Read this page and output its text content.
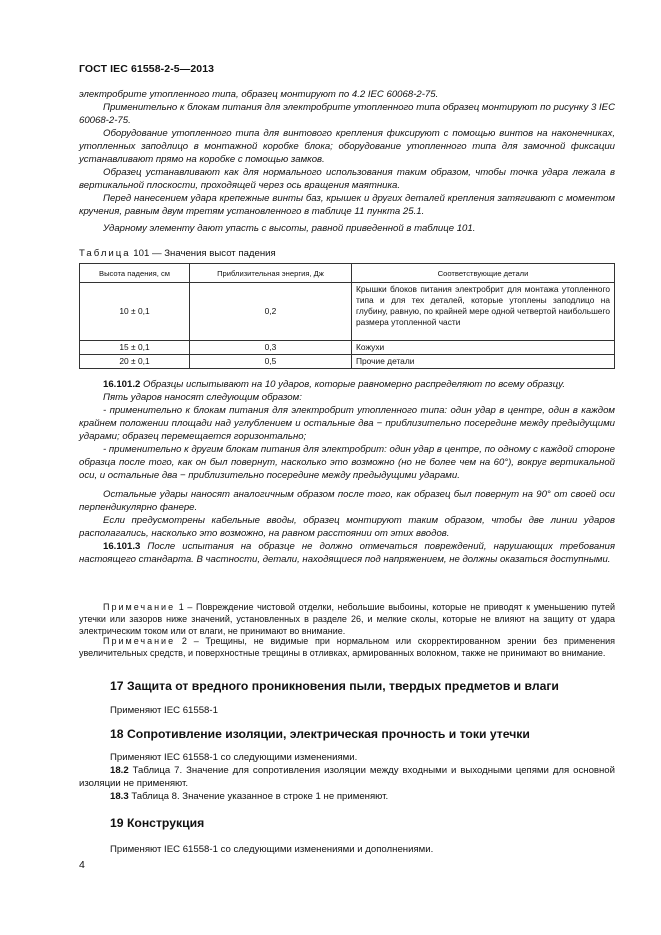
ГОСТ IEC 61558-2-5—2013

электробрите утопленного типа, образец монтируют по 4.2 IEC 60068-2-75.

Применительно к блокам питания для электробрите утопленного типа образец монтируют по рисунку 3 IEC 60068-2-75.

Оборудование утопленного типа для винтового крепления фиксируют с помощью винтов на наконечниках, утопленных заподлицо в монтажной коробке блока; оборудование утопленного типа для замочной фиксации устанавливают прямо на коробке с помощью замков.

Образец устанавливают как для нормального использования таким образом, чтобы точка удара лежала в вертикальной плоскости, проходящей через ось вращения маятника.

Перед нанесением удара крепежные винты баз, крышек и других деталей крепления затягивают с моментом кручения, равным двум третям установленного в таблице 11 пункта 25.1.

Ударному элементу дают упасть с высоты, равной приведенной в таблице 101.

Таблица 101 — Значения высот падения
Высота падения, см	Приблизительная энергия, Дж	Соответствующие детали
10 ± 0,1	0,2	Крышки блоков питания электробрит для монтажа утопленного типа и для тех деталей, которые утоплены заподлицо на глубину, равную, по крайней мере одной четвертой наибольшего размера утопленной части
15 ± 0,1	0,3	Кожухи
20 ± 0,1	0,5	Прочие детали

16.101.2 Образцы испытывают на 10 ударов, которые равномерно распределяют по всему образцу.

Пять ударов наносят следующим образом:

- применительно к блокам питания для электробрит утопленного типа: один удар в центре, один в каждом крайнем положении площади над углублением и остальные два − приблизительно посередине между предыдущими ударами; образец перемещается горизонтально;

- применительно к другим блокам питания для электробрит: один удар в центре, по одному с каждой стороне образца после того, как он был повернут, насколько это возможно (но не более чем на 60°), вокруг вертикальной оси, и остальные два − приблизительно посередине между предыдущими ударами.

Остальные удары наносят аналогичным образом после того, как образец был повернут на 90° от своей оси перпендикулярно фанере.

Если предусмотрены кабельные вводы, образец монтируют таким образом, чтобы две линии ударов располагались, насколько это возможно, на равном расстоянии от этих вводов.

16.101.3 После испытания на образце не должно отмечаться повреждений, нарушающих требования настоящего стандарта. В частности, детали, находящиеся под напряжением, не должны оказаться доступными.

Примечание 1 – Повреждение чистовой отделки, небольшие выбоины, которые не приводят к уменьшению путей утечки или зазоров ниже значений, установленных в разделе 26, и мелкие сколы, которые не влияют на защиту от удара электрическим током или от влаги, не принимают во внимание.
Примечание 2 – Трещины, не видимые при нормальном или скорректированном зрении без применения увеличительных средств, и поверхностные трещины в отливках, армированных волокном, также не принимают во внимание.
17 Защита от вредного проникновения пыли, твердых предметов и влаги
Применяют IEC 61558-1
18 Сопротивление изоляции, электрическая прочность и токи утечки

Применяют IEC 61558-1 со следующими изменениями.

18.2 Таблица 7. Значение для сопротивления изоляции между входными и выходными цепями для основной изоляции не применяют.

18.3 Таблица 8. Значение указанное в строке 1 не применяют.

19 Конструкция
Применяют IEC 61558-1 со следующими изменениями и дополнениями.
4
